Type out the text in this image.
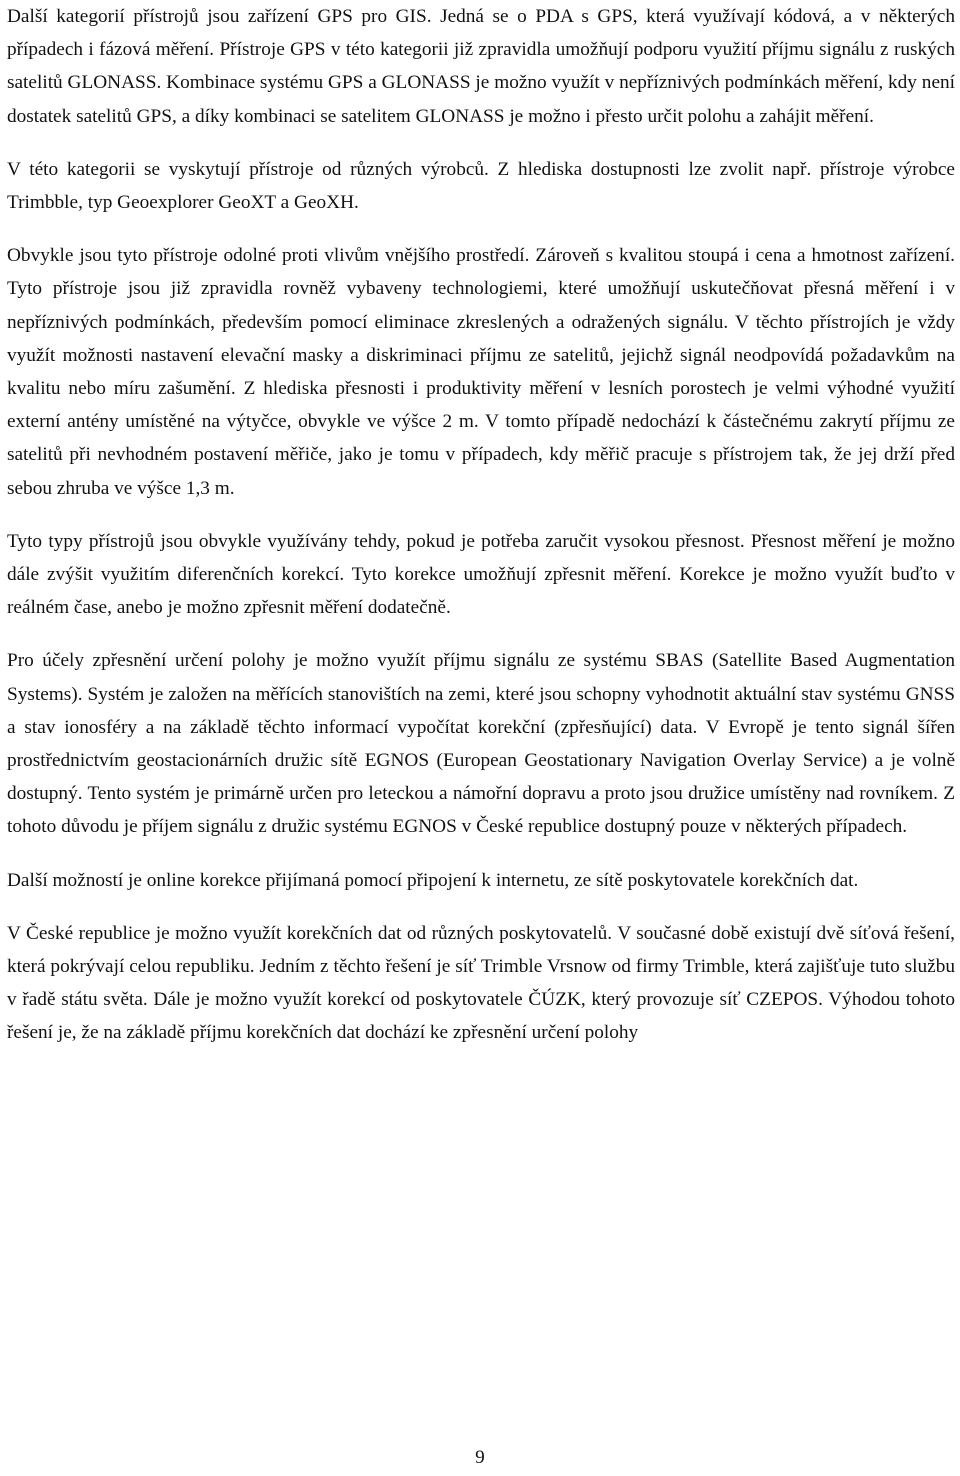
Další kategorií přístrojů jsou zařízení GPS pro GIS. Jedná se o PDA s GPS, která využívají kódová, a v některých případech i fázová měření. Přístroje GPS v této kategorii již zpravidla umožňují podporu využití příjmu signálu z ruských satelitů GLONASS. Kombinace systému GPS a GLONASS je možno využít v nepříznivých podmínkách měření, kdy není dostatek satelitů GPS, a díky kombinaci se satelitem GLONASS je možno i přesto určit polohu a zahájit měření.

V této kategorii se vyskytují přístroje od různých výrobců. Z hlediska dostupnosti lze zvolit např. přístroje výrobce Trimbble, typ Geoexplorer GeoXT a GeoXH.

Obvykle jsou tyto přístroje odolné proti vlivům vnějšího prostředí. Zároveň s kvalitou stoupá i cena a hmotnost zařízení. Tyto přístroje jsou již zpravidla rovněž vybaveny technologiemi, které umožňují uskutečňovat přesná měření i v nepříznivých podmínkách, především pomocí eliminace zkreslených a odražených signálu. V těchto přístrojích je vždy využít možnosti nastavení elevační masky a diskriminaci příjmu ze satelitů, jejichž signál neodpovídá požadavkům na kvalitu nebo míru zašumění. Z hlediska přesnosti i produktivity měření v lesních porostech je velmi výhodné využití externí antény umístěné na výtyčce, obvykle ve výšce 2 m. V tomto případě nedochází k částečnému zakrytí příjmu ze satelitů při nevhodném postavení měřiče, jako je tomu v případech, kdy měřič pracuje s přístrojem tak, že jej drží před sebou zhruba ve výšce 1,3 m.

Tyto typy přístrojů jsou obvykle využívány tehdy, pokud je potřeba zaručit vysokou přesnost. Přesnost měření je možno dále zvýšit využitím diferenčních korekcí. Tyto korekce umožňují zpřesnit měření. Korekce je možno využít buďto v reálném čase, anebo je možno zpřesnit měření dodatečně.

Pro účely zpřesnění určení polohy je možno využít příjmu signálu ze systému SBAS (Satellite Based Augmentation Systems). Systém je založen na měřících stanovištích na zemi, které jsou schopny vyhodnotit aktuální stav systému GNSS a stav ionosféry a na základě těchto informací vypočítat korekční (zpřesňující) data. V Evropě je tento signál šířen prostřednictvím geostacionárních družic sítě EGNOS (European Geostationary Navigation Overlay Service) a je volně dostupný. Tento systém je primárně určen pro leteckou a námořní dopravu a proto jsou družice umístěny nad rovníkem. Z tohoto důvodu je příjem signálu z družic systému EGNOS v České republice dostupný pouze v některých případech.

Další možností je online korekce přijímaná pomocí připojení k internetu, ze sítě poskytovatele korekčních dat.

V České republice je možno využít korekčních dat od různých poskytovatelů. V současné době existují dvě síťová řešení, která pokrývají celou republiku. Jedním z těchto řešení je síť Trimble Vrsnow od firmy Trimble, která zajišťuje tuto službu v řadě státu světa. Dále je možno využít korekcí od poskytovatele ČÚZK, který provozuje síť CZEPOS. Výhodou tohoto řešení je, že na základě příjmu korekčních dat dochází ke zpřesnění určení polohy

9
